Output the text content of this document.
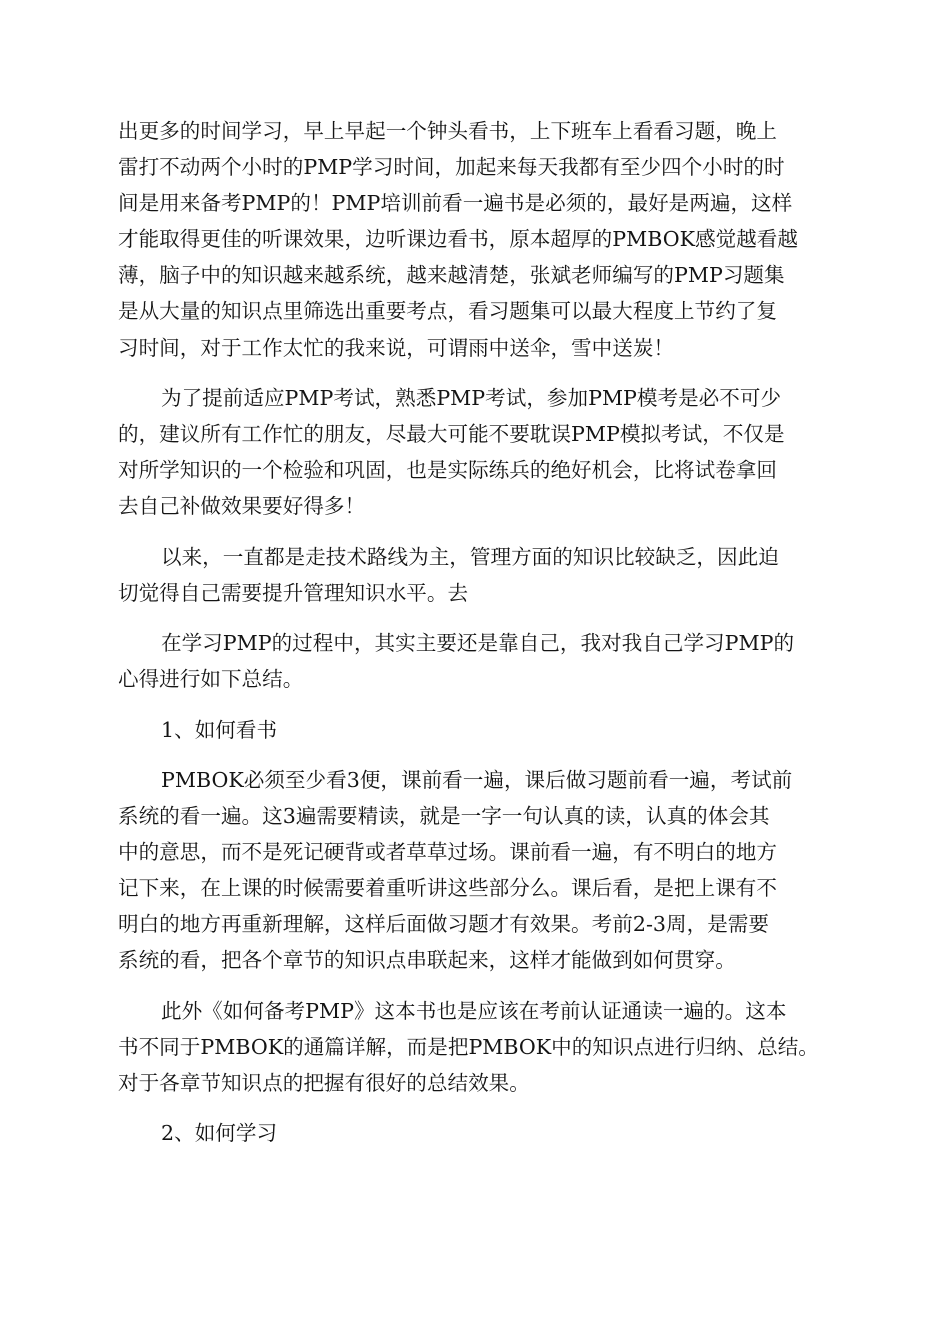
出更多的时间学习，早上早起一个钟头看书，上下班车上看看习题，晚上
雷打不动两个小时的PMP学习时间，加起来每天我都有至少四个小时的时
间是用来备考PMP的！PMP培训前看一遍书是必须的，最好是两遍，这样
才能取得更佳的听课效果，边听课边看书，原本超厚的PMBOK感觉越看越
薄，脑子中的知识越来越系统，越来越清楚，张斌老师编写的PMP习题集
是从大量的知识点里筛选出重要考点，看习题集可以最大程度上节约了复
习时间，对于工作太忙的我来说，可谓雨中送伞，雪中送炭！

为了提前适应PMP考试，熟悉PMP考试，参加PMP模考是必不可少
的，建议所有工作忙的朋友，尽最大可能不要耽误PMP模拟考试，不仅是
对所学知识的一个检验和巩固，也是实际练兵的绝好机会，比将试卷拿回
去自己补做效果要好得多！

以来，一直都是走技术路线为主，管理方面的知识比较缺乏，因此迫
切觉得自己需要提升管理知识水平。去

在学习PMP的过程中，其实主要还是靠自己，我对我自己学习PMP的
心得进行如下总结。

1、如何看书

PMBOK必须至少看3便，课前看一遍，课后做习题前看一遍，考试前
系统的看一遍。这3遍需要精读，就是一字一句认真的读，认真的体会其
中的意思，而不是死记硬背或者草草过场。课前看一遍，有不明白的地方
记下来，在上课的时候需要着重听讲这些部分么。课后看，是把上课有不
明白的地方再重新理解，这样后面做习题才有效果。考前2-3周，是需要
系统的看，把各个章节的知识点串联起来，这样才能做到如何贯穿。

此外《如何备考PMP》这本书也是应该在考前认证通读一遍的。这本
书不同于PMBOK的通篇详解，而是把PMBOK中的知识点进行归纳、总结。
对于各章节知识点的把握有很好的总结效果。

2、如何学习
